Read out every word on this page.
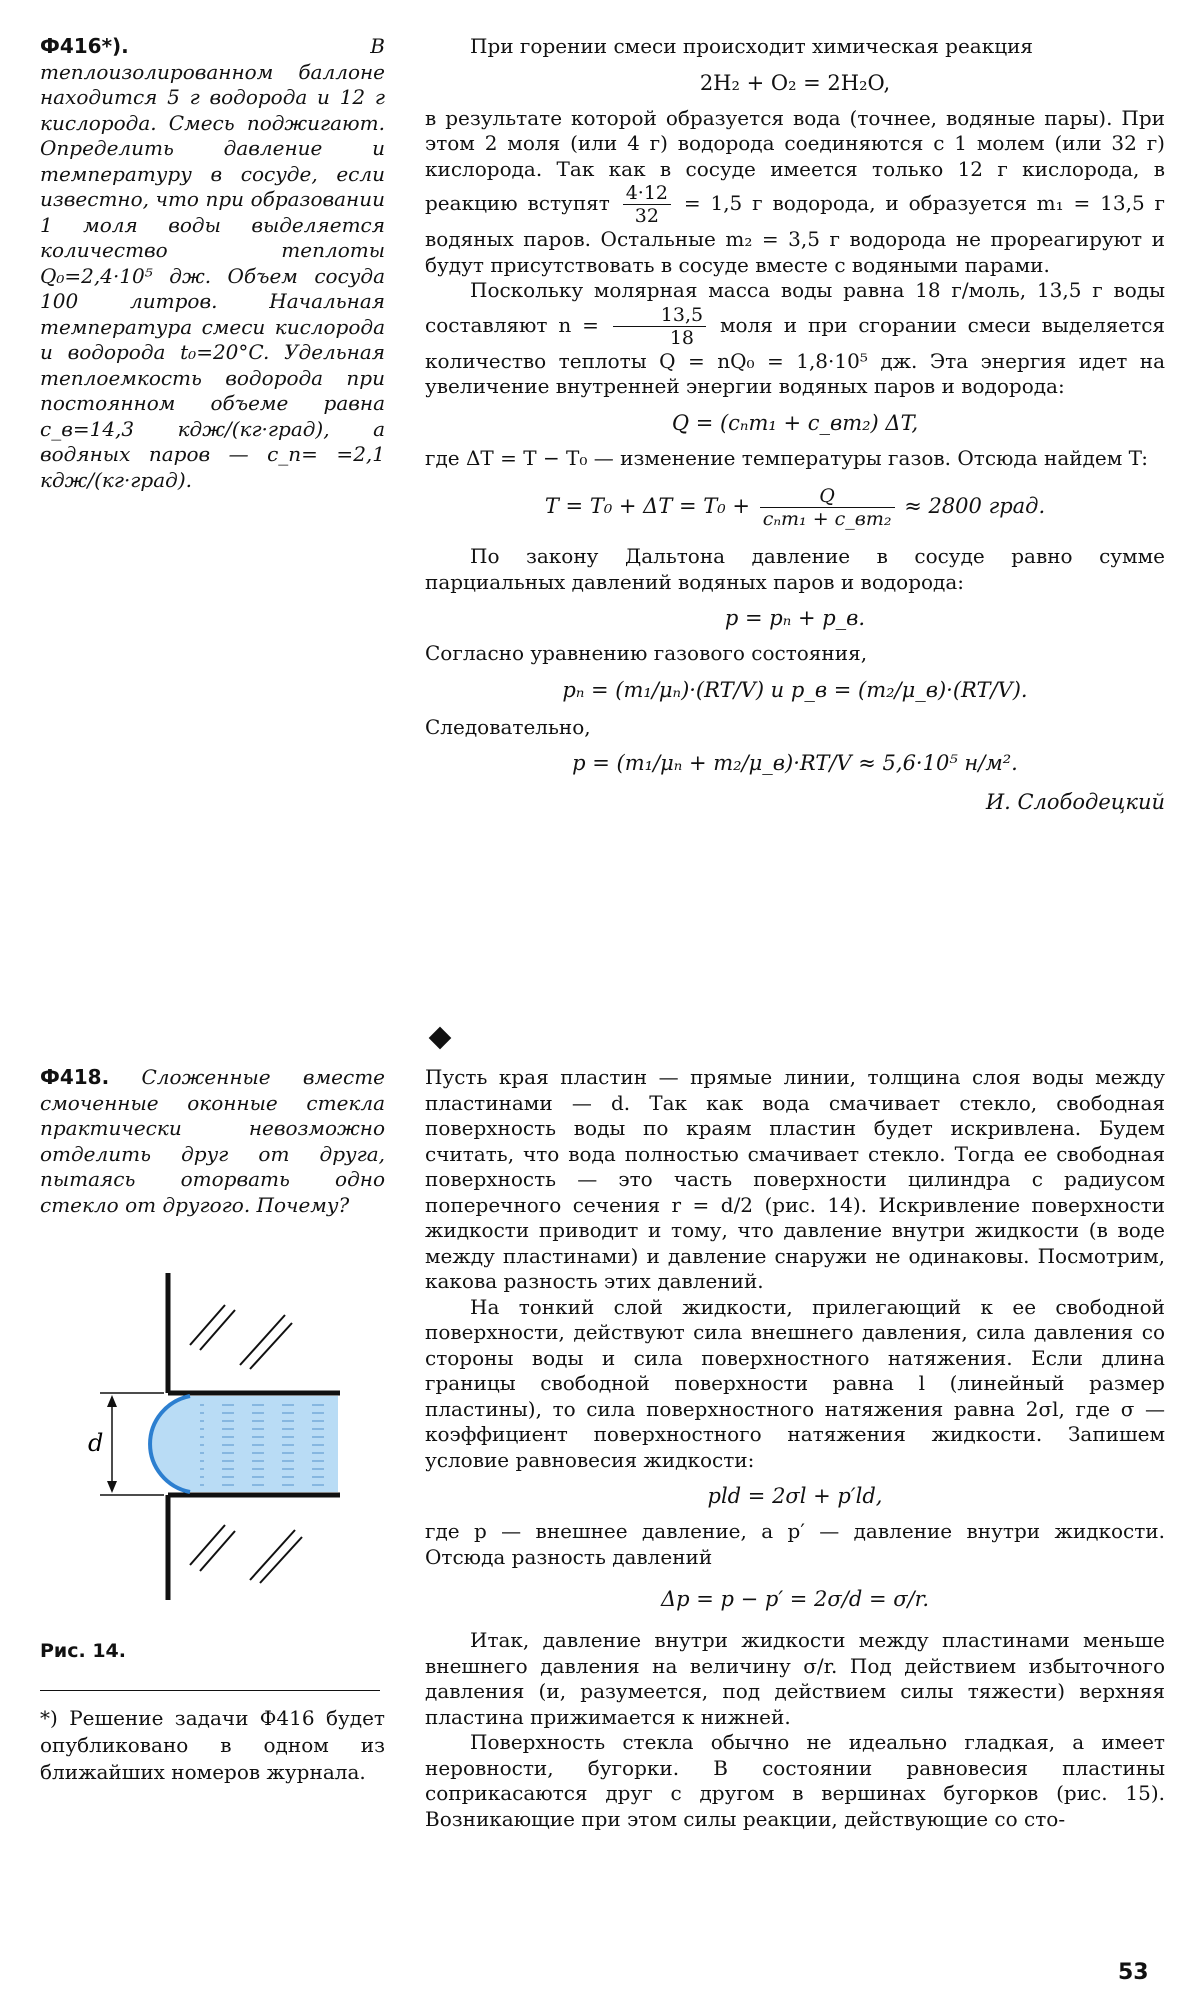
Ф416*).	В теплоизолированном баллоне находится 5 г водорода и 12 г кислорода. Смесь поджигают. Определить давление и температуру в сосуде, если известно, что при образовании 1 моля воды выделяется количество теплоты Q₀=2,4·10⁵ дж. Объем сосуда 100 литров. Начальная температура смеси кислорода и водорода t₀=20°C. Удельная теплоемкость водорода при постоянном объеме равна c_в=14,3 кдж/(кг·град), а водяных паров — c_п= =2,1 кдж/(кг·град).

Ф418. Сложенные вместе смоченные оконные стекла практически невозможно отделить друг от друга, пытаясь оторвать одно стекло от другого. Почему?

d
Рис. 14.
*) Решение задачи Ф416 будет опубликовано в одном из ближайших номеров журнала.

При горении смеси происходит химическая реакция

2H₂ + O₂ = 2H₂O,

в результате которой образуется вода (точнее, водяные пары). При этом 2 моля (или 4 г) водорода соединяются с 1 молем (или 32 г) кислорода. Так как в сосуде имеется только 12 г кислорода, в реакцию вступят $\frac{4\cdot 12}{32} = 1,5$ г водорода, и образуется m₁ = 13,5 г водяных паров. Остальные m₂ = 3,5 г водорода не прореагируют и будут присутствовать в сосуде вместе с водяными парами.

Поскольку молярная масса воды равна 18 г/моль, 13,5 г воды составляют $n = \frac{13,5}{18}$ моля и при сгорании смеси выделяется количество теплоты Q = nQ₀ = 1,8·10⁵ дж. Эта энергия идет на увеличение внутренней энергии водяных паров и водорода:

Q = (cₙm₁ + c_вm₂) ΔT,

где ΔT = T − T₀ — изменение температуры газов. Отсюда найдем T:

$T = T_0 + \Delta T = T_0 + \frac{Q}{\text{cₙm₁ + c\_вm₂}} \approx 2800$ град.

По закону Дальтона давление в сосуде равно сумме парциальных давлений водяных паров и водорода:

p = pₙ + p_в.

Согласно уравнению газового состояния,

pₙ = (m₁/μₙ)·(RT/V) и p_в = (m₂/μ_в)·(RT/V).

Следовательно,

p = (m₁/μₙ + m₂/μ_в)·RT/V ≈ 5,6·10⁵ н/м².
И. Слободецкий

Пусть края пластин — прямые линии, толщина слоя воды между пластинами — d. Так как вода смачивает стекло, свободная поверхность воды по краям пластин будет искривлена. Будем считать, что вода полностью смачивает стекло. Тогда ее свободная поверхность — это часть поверхности цилиндра с радиусом поперечного сечения r = d/2 (рис. 14). Искривление поверхности жидкости приводит и тому, что давление внутри жидкости (в воде между пластинами) и давление снаружи не одинаковы. Посмотрим, какова разность этих давлений.

На тонкий слой жидкости, прилегающий к ее свободной поверхности, действуют сила внешнего давления, сила давления со стороны воды и сила поверхностного натяжения. Если длина границы свободной поверхности равна l (линейный размер пластины), то сила поверхностного натяжения равна 2σl, где σ — коэффициент поверхностного натяжения жидкости. Запишем условие равновесия жидкости:

pld = 2σl + p′ld,

где p — внешнее давление, а p′ — давление внутри жидкости. Отсюда разность давлений

Δp = p − p′ = 2σ/d = σ/r.

Итак, давление внутри жидкости между пластинами меньше внешнего давления на величину σ/r. Под действием избыточного давления (и, разумеется, под действием силы тяжести) верхняя пластина прижимается к нижней.

Поверхность стекла обычно не идеально гладкая, а имеет неровности, бугорки. В состоянии равновесия пластины соприкасаются друг с другом в вершинах бугорков (рис. 15). Возникающие при этом силы реакции, действующие со сто-

53
